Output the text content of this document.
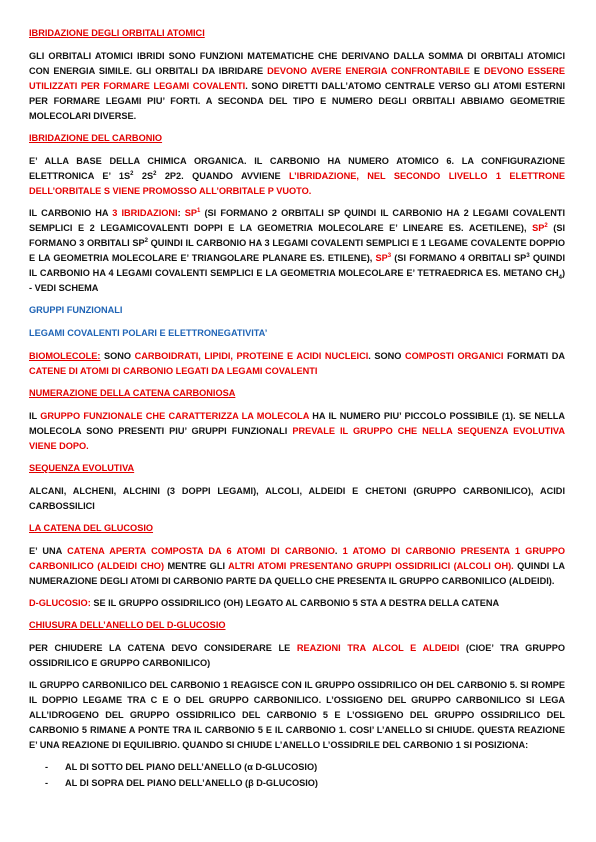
IBRIDAZIONE DEGLI ORBITALI ATOMICI

GLI ORBITALI ATOMICI IBRIDI SONO FUNZIONI MATEMATICHE CHE DERIVANO DALLA SOMMA DI ORBITALI ATOMICI CON ENERGIA SIMILE. GLI ORBITALI DA IBRIDARE DEVONO AVERE ENERGIA CONFRONTABILE E DEVONO ESSERE UTILIZZATI PER FORMARE LEGAMI COVALENTI. SONO DIRETTI DALL’ATOMO CENTRALE VERSO GLI ATOMI ESTERNI PER FORMARE LEGAMI PIU’ FORTI. A SECONDA DEL TIPO E NUMERO DEGLI ORBITALI ABBIAMO GEOMETRIE MOLECOLARI DIVERSE.

IBRIDAZIONE DEL CARBONIO

E’ ALLA BASE DELLA CHIMICA ORGANICA. IL CARBONIO HA NUMERO ATOMICO 6. LA CONFIGURAZIONE ELETTRONICA E’ $1S^2$ $2S^2$ 2P2. QUANDO AVVIENE L’IBRIDAZIONE, NEL SECONDO LIVELLO 1 ELETTRONE DELL’ORBITALE S VIENE PROMOSSO ALL’ORBITALE P VUOTO.

IL CARBONIO HA 3 IBRIDAZIONI: $SP^1$ (SI FORMANO 2 ORBITALI SP QUINDI IL CARBONIO HA 2 LEGAMI COVALENTI SEMPLICI E 2 LEGAMICOVALENTI DOPPI E LA GEOMETRIA MOLECOLARE E’ LINEARE ES. ACETILENE), $SP^2$ (SI FORMANO 3 ORBITALI $SP^2$ QUINDI IL CARBONIO HA 3 LEGAMI COVALENTI SEMPLICI E 1 LEGAME COVALENTE DOPPIO E LA GEOMETRIA MOLECOLARE E’ TRIANGOLARE PLANARE ES. ETILENE), $SP^3$ (SI FORMANO 4 ORBITALI $SP^3$ QUINDI IL CARBONIO HA 4 LEGAMI COVALENTI SEMPLICI E LA GEOMETRIA MOLECOLARE E’ TETRAEDRICA ES. METANO $CH_4$) - VEDI SCHEMA

GRUPPI FUNZIONALI
LEGAMI COVALENTI POLARI E ELETTRONEGATIVITA’

BIOMOLECOLE: SONO CARBOIDRATI, LIPIDI, PROTEINE E ACIDI NUCLEICI. SONO COMPOSTI ORGANICI FORMATI DA CATENE DI ATOMI DI CARBONIO LEGATI DA LEGAMI COVALENTI

NUMERAZIONE DELLA CATENA CARBONIOSA

IL GRUPPO FUNZIONALE CHE CARATTERIZZA LA MOLECOLA HA IL NUMERO PIU’ PICCOLO POSSIBILE (1). SE NELLA MOLECOLA SONO PRESENTI PIU’ GRUPPI FUNZIONALI PREVALE IL GRUPPO CHE NELLA SEQUENZA EVOLUTIVA VIENE DOPO.

SEQUENZA EVOLUTIVA

ALCANI, ALCHENI, ALCHINI (3 DOPPI LEGAMI), ALCOLI, ALDEIDI E CHETONI (GRUPPO CARBONILICO), ACIDI CARBOSSILICI

LA CATENA DEL GLUCOSIO

E’ UNA CATENA APERTA COMPOSTA DA 6 ATOMI DI CARBONIO. 1 ATOMO DI CARBONIO PRESENTA 1 GRUPPO CARBONILICO (ALDEIDI CHO) MENTRE GLI ALTRI ATOMI PRESENTANO GRUPPI OSSIDRILICI (ALCOLI OH). QUINDI LA NUMERAZIONE DEGLI ATOMI DI CARBONIO PARTE DA QUELLO CHE PRESENTA IL GRUPPO CARBONILICO (ALDEIDI).

D-GLUCOSIO: SE IL GRUPPO OSSIDRILICO (OH) LEGATO AL CARBONIO 5 STA A DESTRA DELLA CATENA

CHIUSURA DELL’ANELLO DEL D-GLUCOSIO

PER CHIUDERE LA CATENA DEVO CONSIDERARE LE REAZIONI TRA ALCOL E ALDEIDI (CIOE’ TRA GRUPPO OSSIDRILICO E GRUPPO CARBONILICO)

IL GRUPPO CARBONILICO DEL CARBONIO 1 REAGISCE CON IL GRUPPO OSSIDRILICO OH DEL CARBONIO 5. SI ROMPE IL DOPPIO LEGAME TRA C E O DEL GRUPPO CARBONILICO. L’OSSIGENO DEL GRUPPO CARBONILICO SI LEGA ALL’IDROGENO DEL GRUPPO OSSIDRILICO DEL CARBONIO 5 E L’OSSIGENO DEL GRUPPO OSSIDRILICO DEL CARBONIO 5 RIMANE A PONTE TRA IL CARBONIO 5 E IL CARBONIO 1. COSI’ L’ANELLO SI CHIUDE. QUESTA REAZIONE E’ UNA REAZIONE DI EQUILIBRIO. QUANDO SI CHIUDE L’ANELLO L’OSSIDRILE DEL CARBONIO 1 SI POSIZIONA:

- AL DI SOTTO DEL PIANO DELL’ANELLO (α D-GLUCOSIO)
- AL DI SOPRA DEL PIANO DELL’ANELLO (β D-GLUCOSIO)
